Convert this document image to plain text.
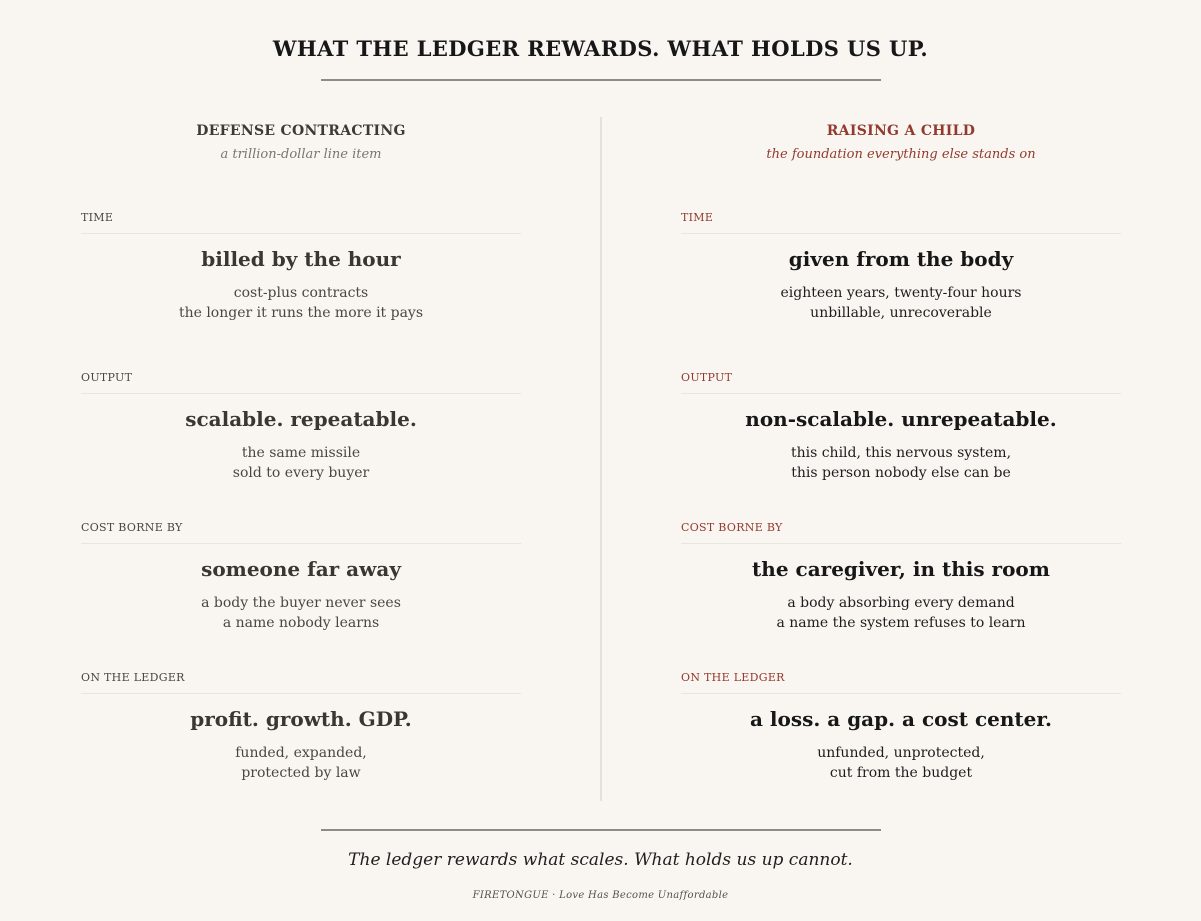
WHAT THE LEDGER REWARDS. WHAT HOLDS US UP.
DEFENSE CONTRACTING
a trillion-dollar line item
TIME
billed by the hour
cost-plus contracts
the longer it runs the more it pays
OUTPUT
scalable. repeatable.
the same missile
sold to every buyer
COST BORNE BY
someone far away
a body the buyer never sees
a name nobody learns
ON THE LEDGER
profit. growth. GDP.
funded, expanded,
protected by law
RAISING A CHILD
the foundation everything else stands on
TIME
given from the body
eighteen years, twenty-four hours
unbillable, unrecoverable
OUTPUT
non-scalable. unrepeatable.
this child, this nervous system,
this person nobody else can be
COST BORNE BY
the caregiver, in this room
a body absorbing every demand
a name the system refuses to learn
ON THE LEDGER
a loss. a gap. a cost center.
unfunded, unprotected,
cut from the budget
The ledger rewards what scales. What holds us up cannot.
FIRETONGUE · Love Has Become Unaffordable
